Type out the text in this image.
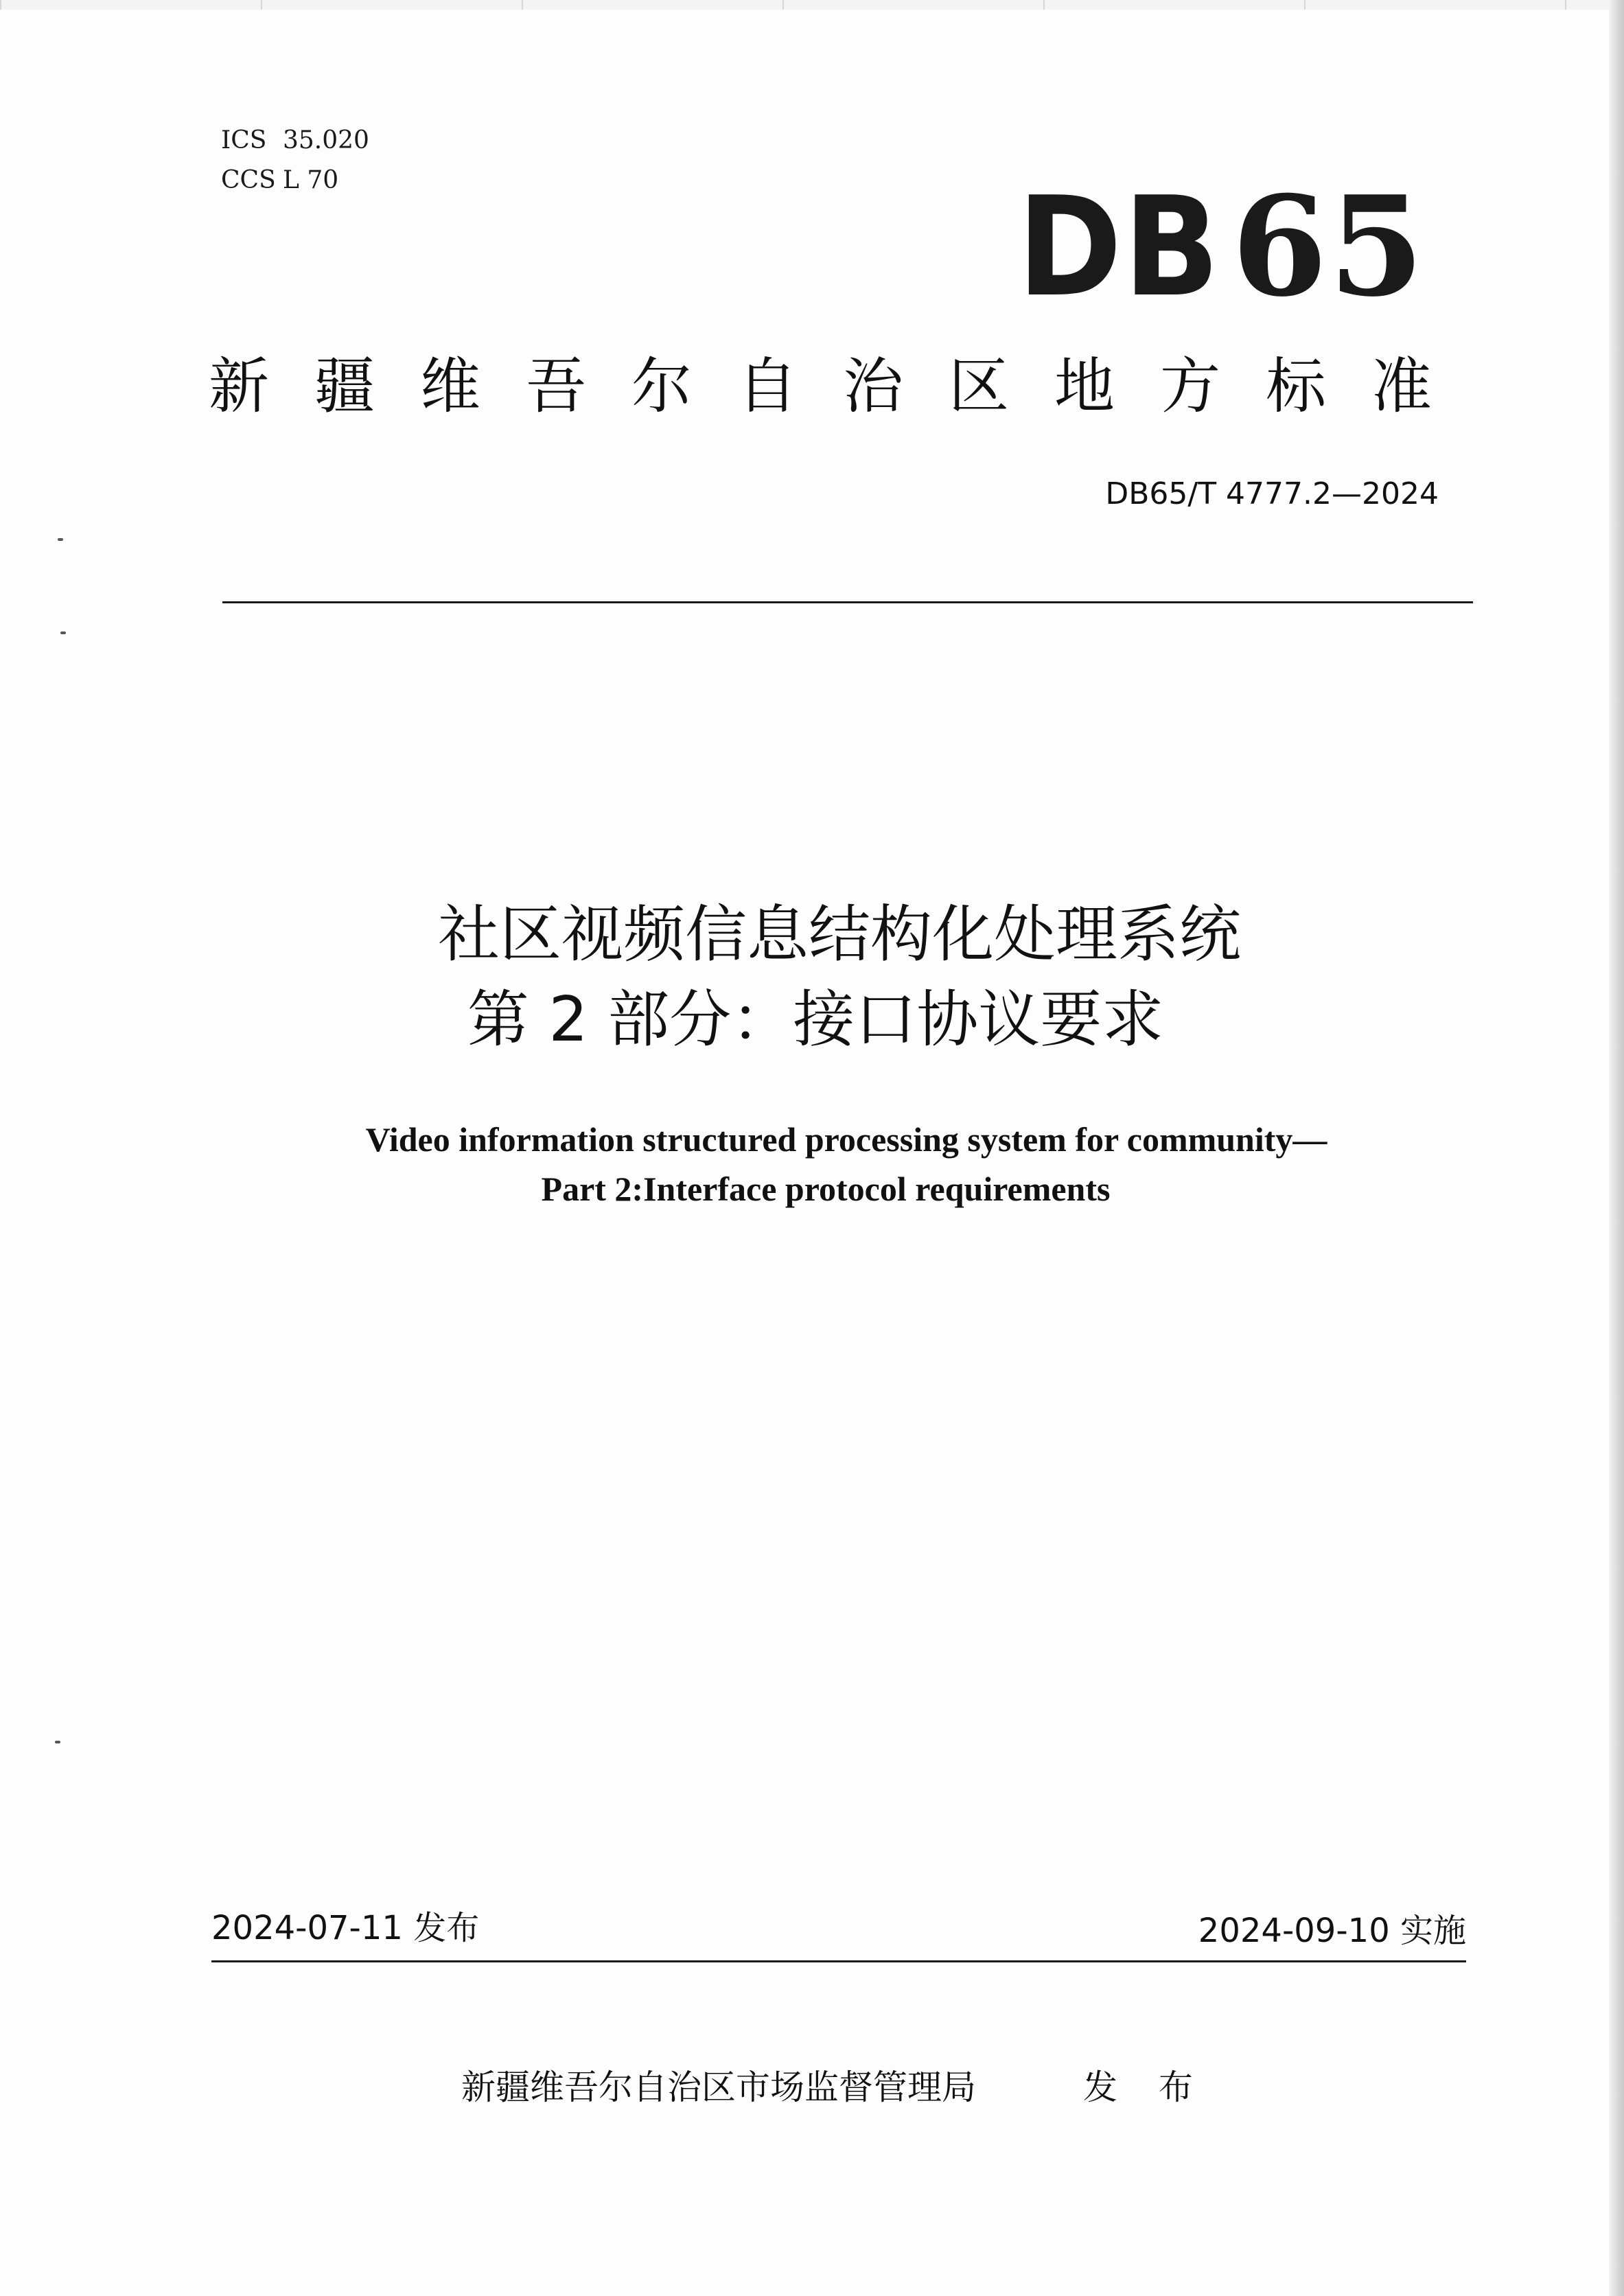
ICS 35.020
CCS L 70	DB65
新疆维吾尔自治区地方标准
DB65/T 4777.2—2024
社区视频信息结构化处理系统
第 2 部分：接口协议要求
Video information structured processing system for community—
Part 2:Interface protocol requirements
2024-07-11 发布	2024-09-10 实施
新疆维吾尔自治区市场监督管理局	发 布
